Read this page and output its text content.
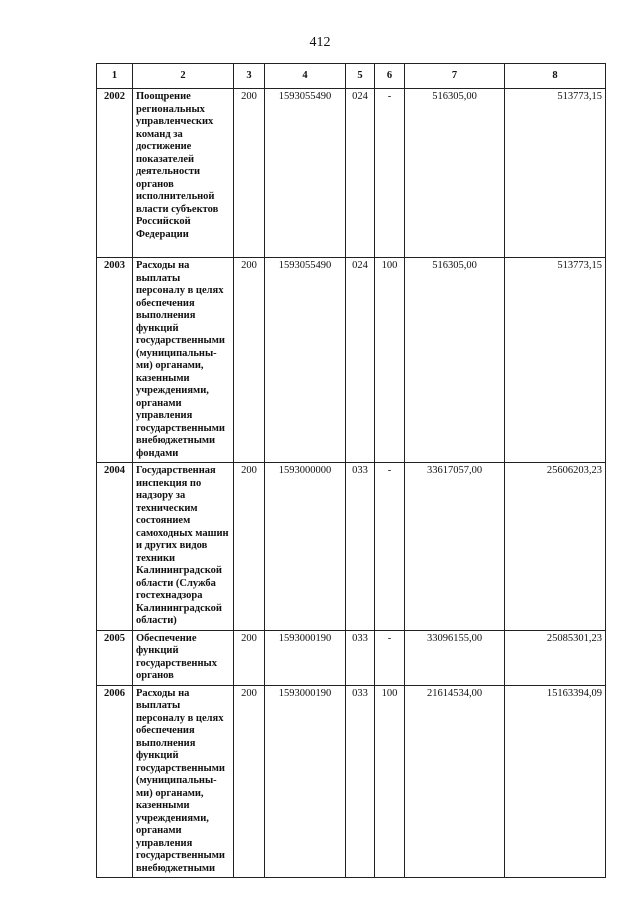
412
1	2	3	4	5	6	7	8
2002	Поощрение региональных управленческих команд за достижение показателей деятельности органов исполнительной власти субъектов Российской Федерации	200	1593055490	024	-	516305,00	513773,15
2003	Расходы на выплаты персоналу в целях обеспечения выполнения функций государственными (муниципальны-ми) органами, казенными учреждениями, органами управления государственными внебюджетными фондами	200	1593055490	024	100	516305,00	513773,15
2004	Государственная инспекция по надзору за техническим состоянием самоходных машин и других видов техники Калининградской области (Служба гостехнадзора Калининградской области)	200	1593000000	033	-	33617057,00	25606203,23
2005	Обеспечение функций государственных органов	200	1593000190	033	-	33096155,00	25085301,23
2006	Расходы на выплаты персоналу в целях обеспечения выполнения функций государственными (муниципальны-ми) органами, казенными учреждениями, органами управления государственными внебюджетными	200	1593000190	033	100	21614534,00	15163394,09
